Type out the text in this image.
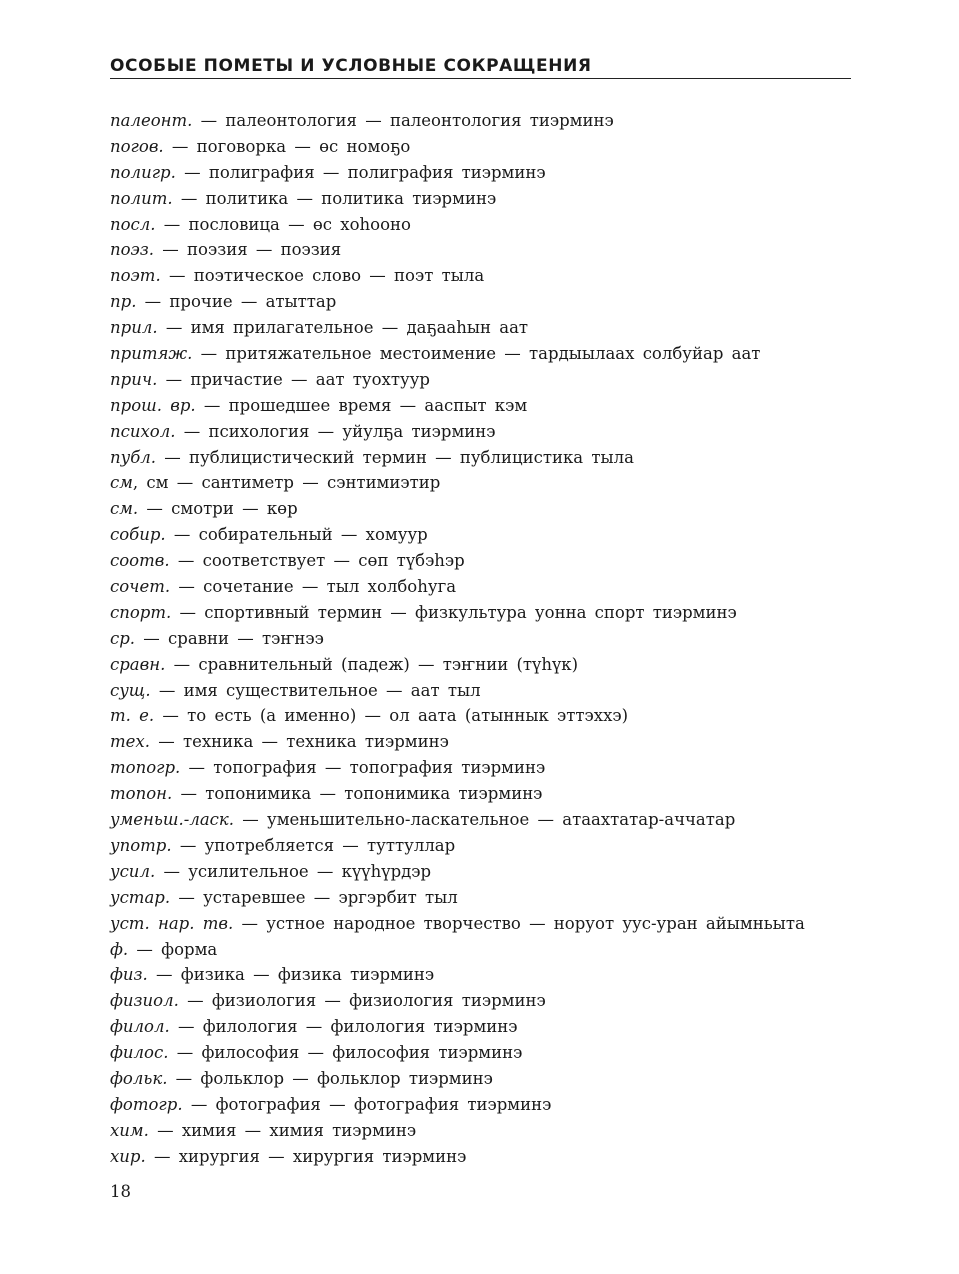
ОСОБЫЕ ПОМЕТЫ И УСЛОВНЫЕ СОКРАЩЕНИЯ
палеонт. — палеонтология — палеонтология тиэрминэ
погов. — поговорка — өс номоҕо
полигр. — полиграфия — полиграфия тиэрминэ
полит. — политика — политика тиэрминэ
посл. — пословица — өс хоһооно
поэз. — поэзия — поэзия
поэт. — поэтическое слово — поэт тыла
пр. — прочие — атыттар
прил. — имя прилагательное — даҕааһын аат
притяж. — притяжательное местоимение — тардыылаах солбуйар аат
прич. — причастие — аат туохтуур
прош. вр. — прошедшее время — ааспыт кэм
психол. — психология — уйулҕа тиэрминэ
публ. — публицистический термин — публицистика тыла
см, см — сантиметр — сэнтимиэтир
см. — смотри — көр
собир. — собирательный — хомуур
соотв. — соответствует — сөп түбэһэр
сочет. — сочетание — тыл холбоһуга
спорт. — спортивный термин — физкультура уонна спорт тиэрминэ
ср. — сравни — тэҥнээ
сравн. — сравнительный (падеж) — тэҥнии (түһүк)
сущ. — имя существительное — аат тыл
т. е. — то есть (а именно) — ол аата (атыннык эттэххэ)
тех. — техника — техника тиэрминэ
топогр. — топография — топография тиэрминэ
топон. — топонимика — топонимика тиэрминэ
уменьш.-ласк. — уменьшительно-ласкательное — атаахтатар-аччатар
употр. — употребляется — туттуллар
усил. — усилительное — күүһүрдэр
устар. — устаревшее — эргэрбит тыл
уст. нар. тв. — устное народное творчество — норуот уус-уран айымньыта
ф. — форма
физ. — физика — физика тиэрминэ
физиол. — физиология — физиология тиэрминэ
филол. — филология — филология тиэрминэ
филос. — философия — философия тиэрминэ
фольк. — фольклор — фольклор тиэрминэ
фотогр. — фотография — фотография тиэрминэ
хим. — химия — химия тиэрминэ
хир. — хирургия — хирургия тиэрминэ
18
